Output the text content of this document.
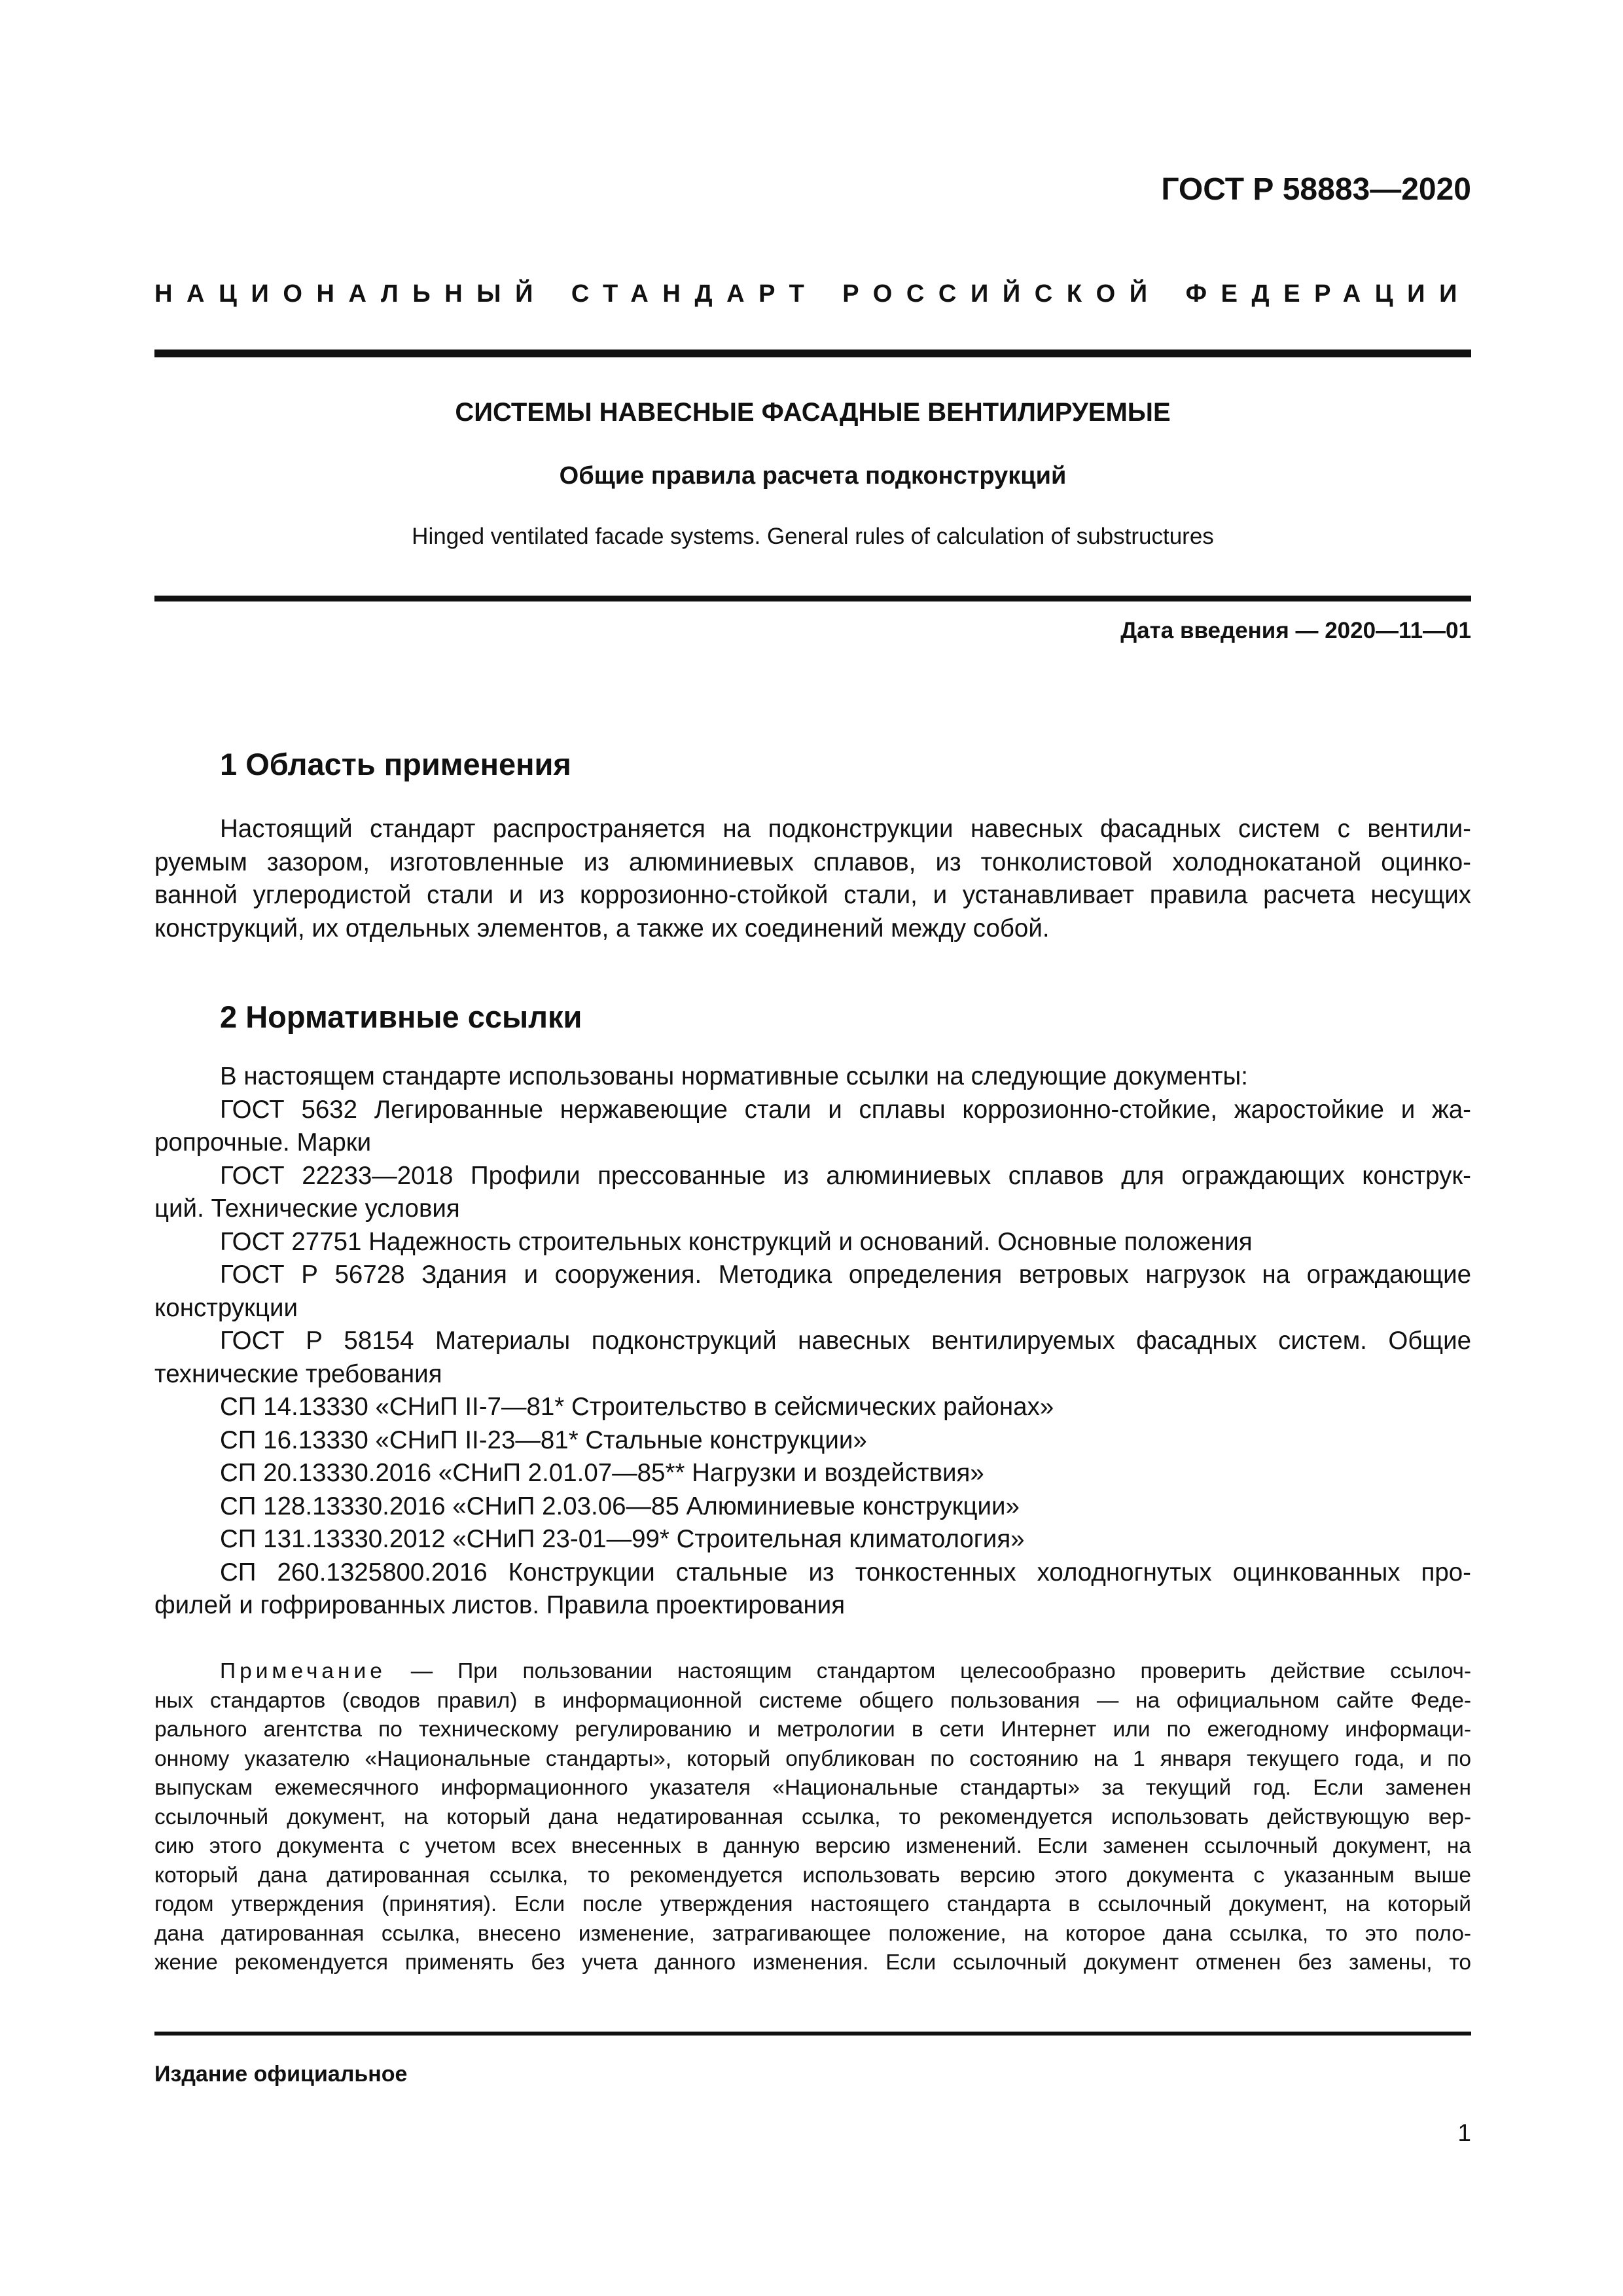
ГОСТ Р 58883—2020
НАЦИОНАЛЬНЫЙ СТАНДАРТ РОССИЙСКОЙ ФЕДЕРАЦИИ
СИСТЕМЫ НАВЕСНЫЕ ФАСАДНЫЕ ВЕНТИЛИРУЕМЫЕ
Общие правила расчета подконструкций
Hinged ventilated facade systems. General rules of calculation of substructures
Дата введения — 2020—11—01
1 Область применения
Настоящий стандарт распространяется на подконструкции навесных фасадных систем с вентили-
руемым зазором, изготовленные из алюминиевых сплавов, из тонколистовой холоднокатаной оцинко-
ванной углеродистой стали и из коррозионно-стойкой стали, и устанавливает правила расчета несущих
конструкций, их отдельных элементов, а также их соединений между собой.
2 Нормативные ссылки
В настоящем стандарте использованы нормативные ссылки на следующие документы:
ГОСТ 5632 Легированные нержавеющие стали и сплавы коррозионно-стойкие, жаростойкие и жа-
ропрочные. Марки
ГОСТ 22233—2018 Профили прессованные из алюминиевых сплавов для ограждающих конструк-
ций. Технические условия
ГОСТ 27751 Надежность строительных конструкций и оснований. Основные положения
ГОСТ Р 56728 Здания и сооружения. Методика определения ветровых нагрузок на ограждающие
конструкции
ГОСТ Р 58154 Материалы подконструкций навесных вентилируемых фасадных систем. Общие
технические требования
СП 14.13330 «СНиП II-7—81* Строительство в сейсмических районах»
СП 16.13330 «СНиП II-23—81* Стальные конструкции»
СП 20.13330.2016 «СНиП 2.01.07—85** Нагрузки и воздействия»
СП 128.13330.2016 «СНиП 2.03.06—85 Алюминиевые конструкции»
СП 131.13330.2012 «СНиП 23-01—99* Строительная климатология»
СП 260.1325800.2016 Конструкции стальные из тонкостенных холодногнутых оцинкованных про-
филей и гофрированных листов. Правила проектирования
Примечание — При пользовании настоящим стандартом целесообразно проверить действие ссылоч-
ных стандартов (сводов правил) в информационной системе общего пользования — на официальном сайте Феде-
рального агентства по техническому регулированию и метрологии в сети Интернет или по ежегодному информаци-
онному указателю «Национальные стандарты», который опубликован по состоянию на 1 января текущего года, и по
выпускам ежемесячного информационного указателя «Национальные стандарты» за текущий год. Если заменен
ссылочный документ, на который дана недатированная ссылка, то рекомендуется использовать действующую вер-
сию этого документа с учетом всех внесенных в данную версию изменений. Если заменен ссылочный документ, на
который дана датированная ссылка, то рекомендуется использовать версию этого документа с указанным выше
годом утверждения (принятия). Если после утверждения настоящего стандарта в ссылочный документ, на который
дана датированная ссылка, внесено изменение, затрагивающее положение, на которое дана ссылка, то это поло-
жение рекомендуется применять без учета данного изменения. Если ссылочный документ отменен без замены, то
Издание официальное
1
